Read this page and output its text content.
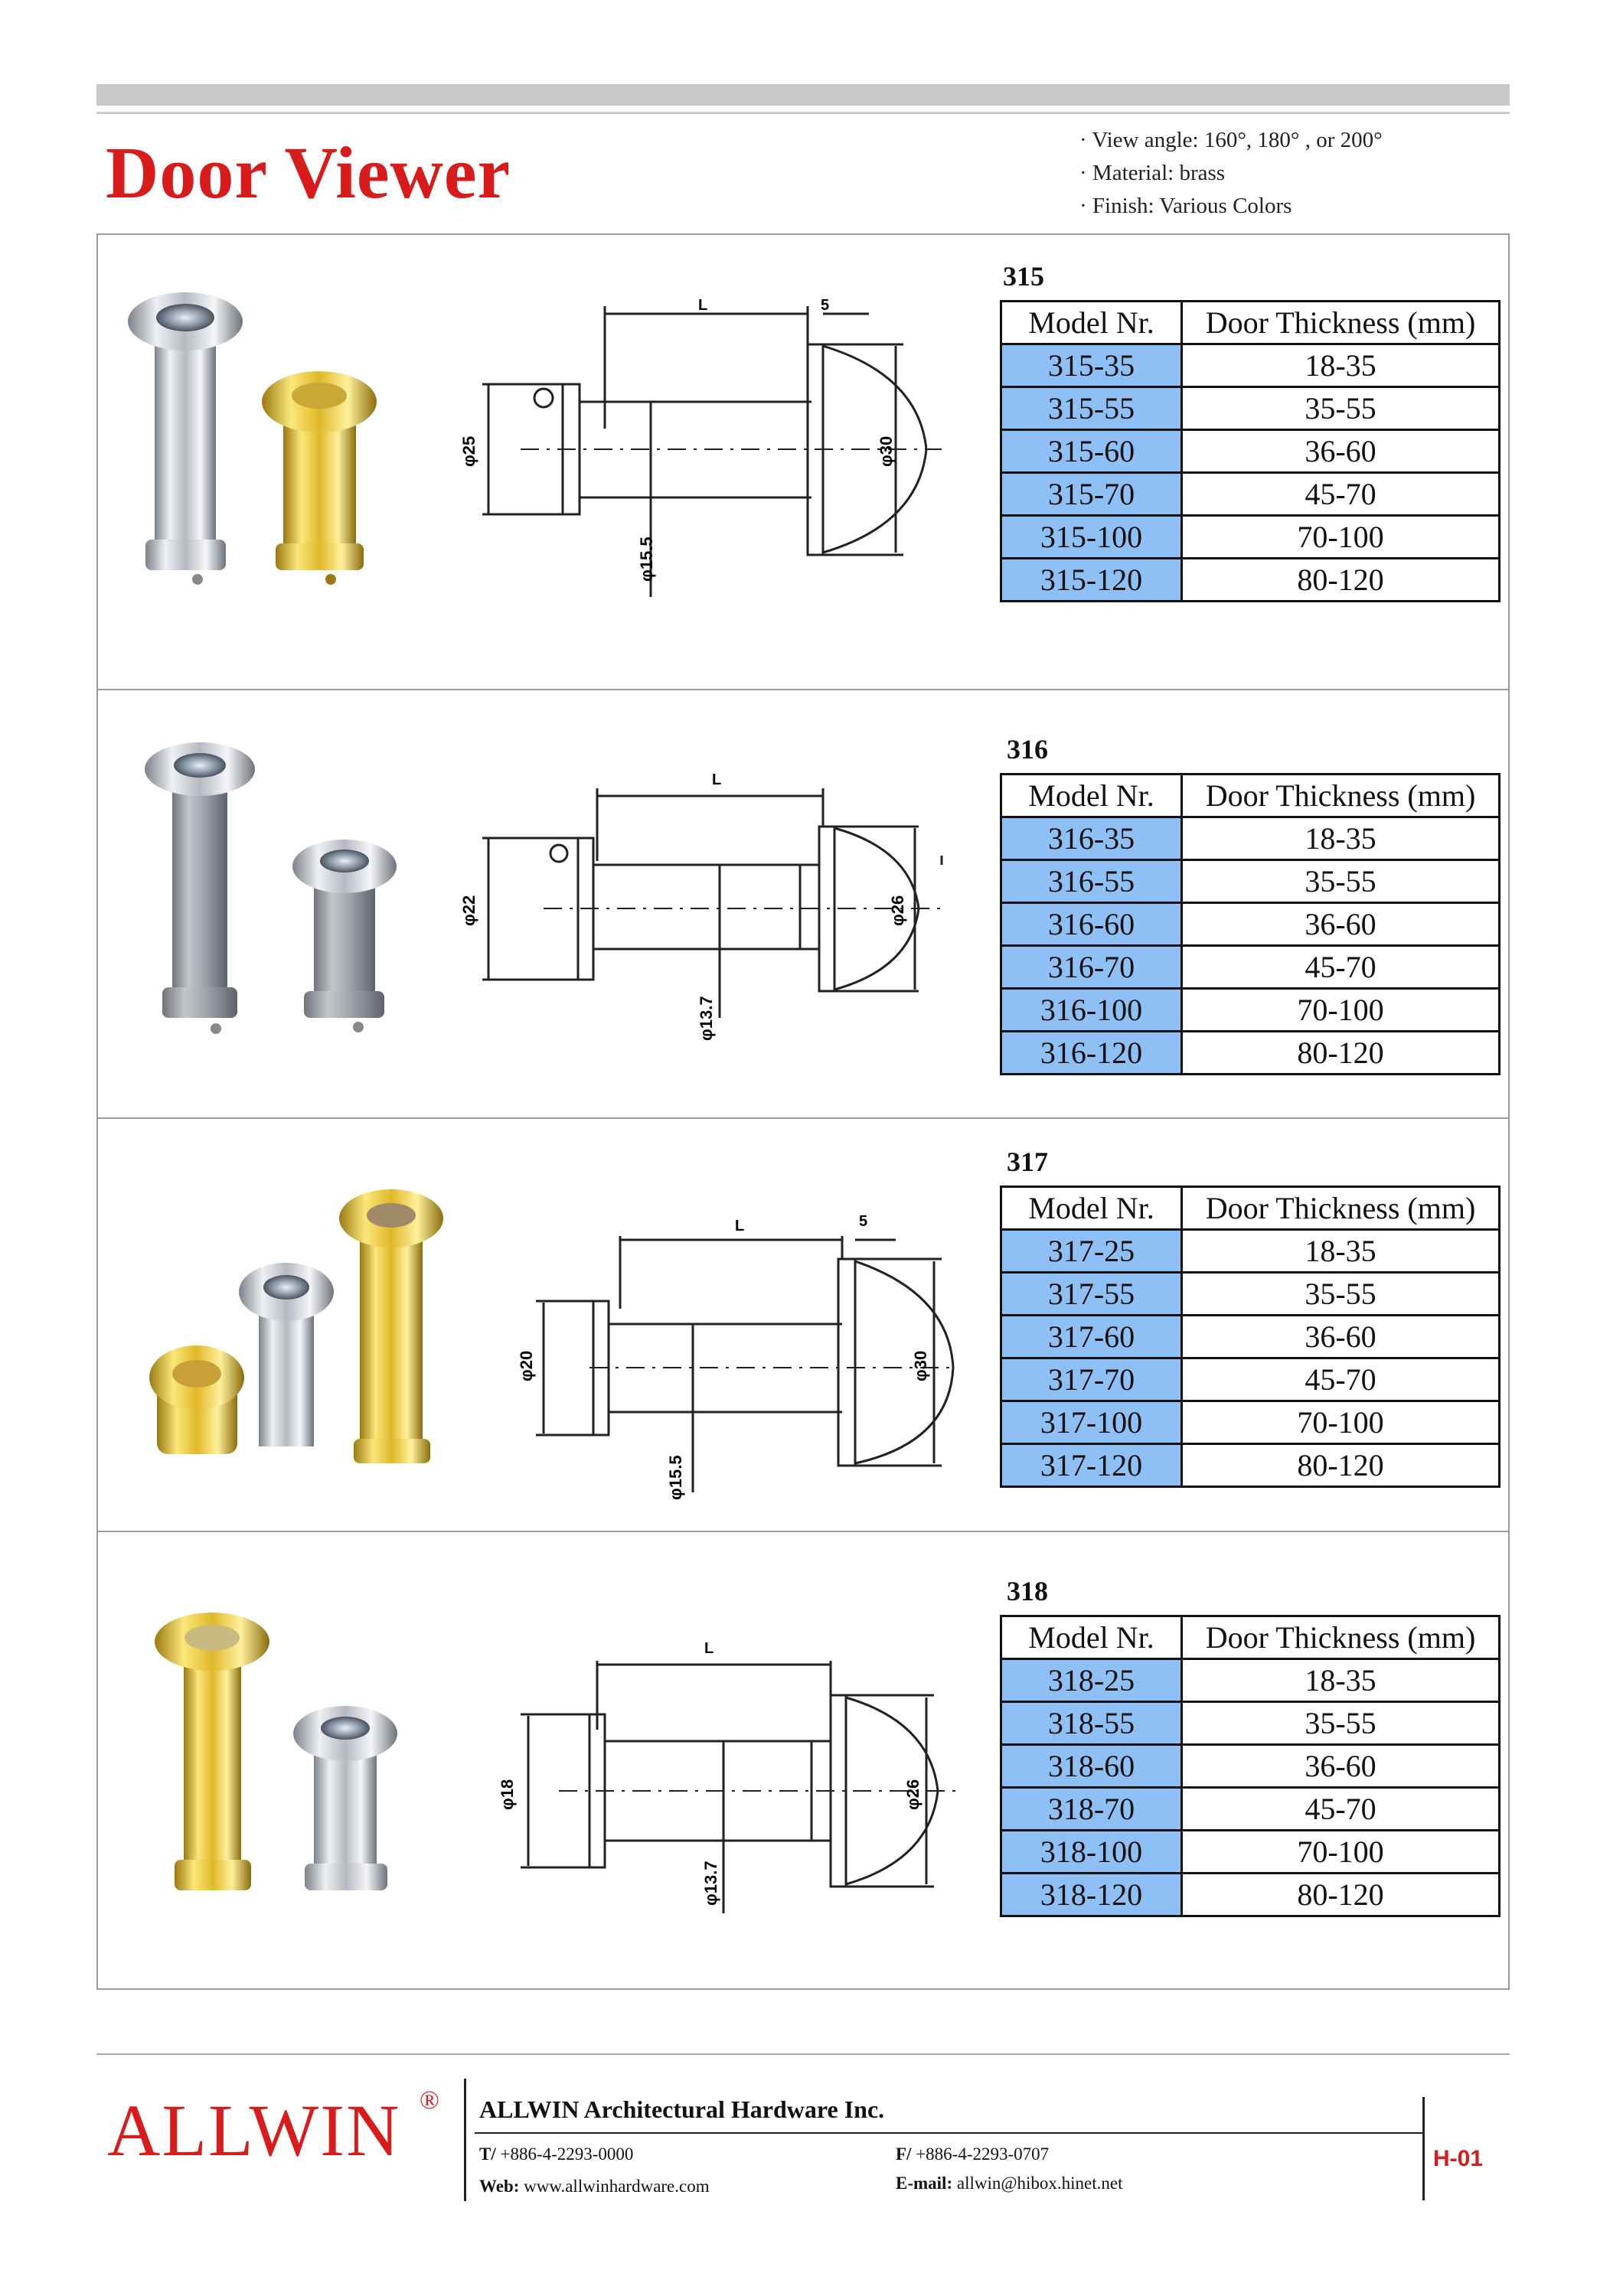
Door Viewer	· View angle: 160°, 180° , or 200°
· Material: brass
· Finish: Various Colors
L	5
φ25	φ30
φ15.5
315
Model Nr.	Door Thickness (mm)
315-35	18-35
315-55	35-55
315-60	36-60
315-70	45-70
315-100	70-100
315-120	80-120
L
φ22	φ26
φ13.7
316
Model Nr.	Door Thickness (mm)
316-35	18-35
316-55	35-55
316-60	36-60
316-70	45-70
316-100	70-100
316-120	80-120
L	5
φ20	φ30
φ15.5
317
Model Nr.	Door Thickness (mm)
317-25	18-35
317-55	35-55
317-60	36-60
317-70	45-70
317-100	70-100
317-120	80-120
L
φ18	φ26
φ13.7
318
Model Nr.	Door Thickness (mm)
318-25	18-35
318-55	35-55
318-60	36-60
318-70	45-70
318-100	70-100
318-120	80-120
ALLWIN ® ALLWIN Architectural Hardware Inc.
T/ +886-4-2293-0000	F/ +886-4-2293-0707
Web: www.allwinhardware.com	E-mail: allwin@hibox.hinet.net
H-01
